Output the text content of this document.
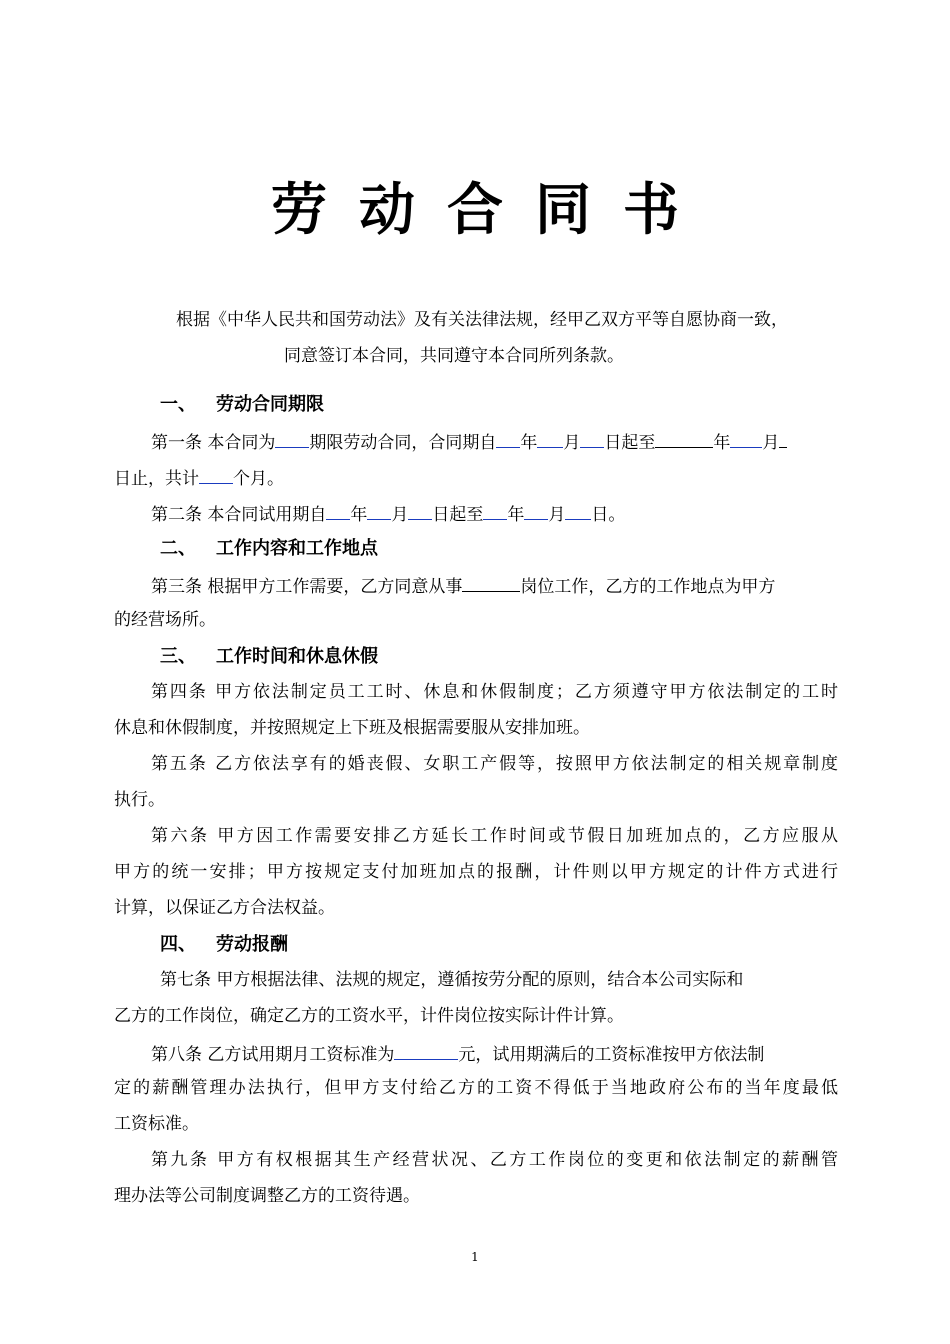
劳 动 合 同 书
根据《中华人民共和国劳动法》及有关法律法规，经甲乙双方平等自愿协商一致，
同意签订本合同，共同遵守本合同所列条款。
一、 劳动合同期限
第一条 本合同为 期限劳动合同，合同期自 年 月 日起至	年 月
日止，共计 个月。
第二条 本合同试用期自 年 月 日起至 年 月 日。
二、 工作内容和工作地点
第三条 根据甲方工作需要，乙方同意从事	岗位工作，乙方的工作地点为甲方
的经营场所。
三、 工作时间和休息休假
第四条 甲方依法制定员工工时、休息和休假制度；乙方须遵守甲方依法制定的工时
休息和休假制度，并按照规定上下班及根据需要服从安排加班。
第五条 乙方依法享有的婚丧假、女职工产假等，按照甲方依法制定的相关规章制度
执行。
第六条 甲方因工作需要安排乙方延长工作时间或节假日加班加点的，乙方应服从
甲方的统一安排；甲方按规定支付加班加点的报酬，计件则以甲方规定的计件方式进行
计算，以保证乙方合法权益。
四、 劳动报酬
第七条 甲方根据法律、法规的规定，遵循按劳分配的原则，结合本公司实际和
乙方的工作岗位，确定乙方的工资水平，计件岗位按实际计件计算。
第八条 乙方试用期月工资标准为	元，试用期满后的工资标准按甲方依法制
定的薪酬管理办法执行，但甲方支付给乙方的工资不得低于当地政府公布的当年度最低
工资标准。
第九条 甲方有权根据其生产经营状况、乙方工作岗位的变更和依法制定的薪酬管
理办法等公司制度调整乙方的工资待遇。
1
